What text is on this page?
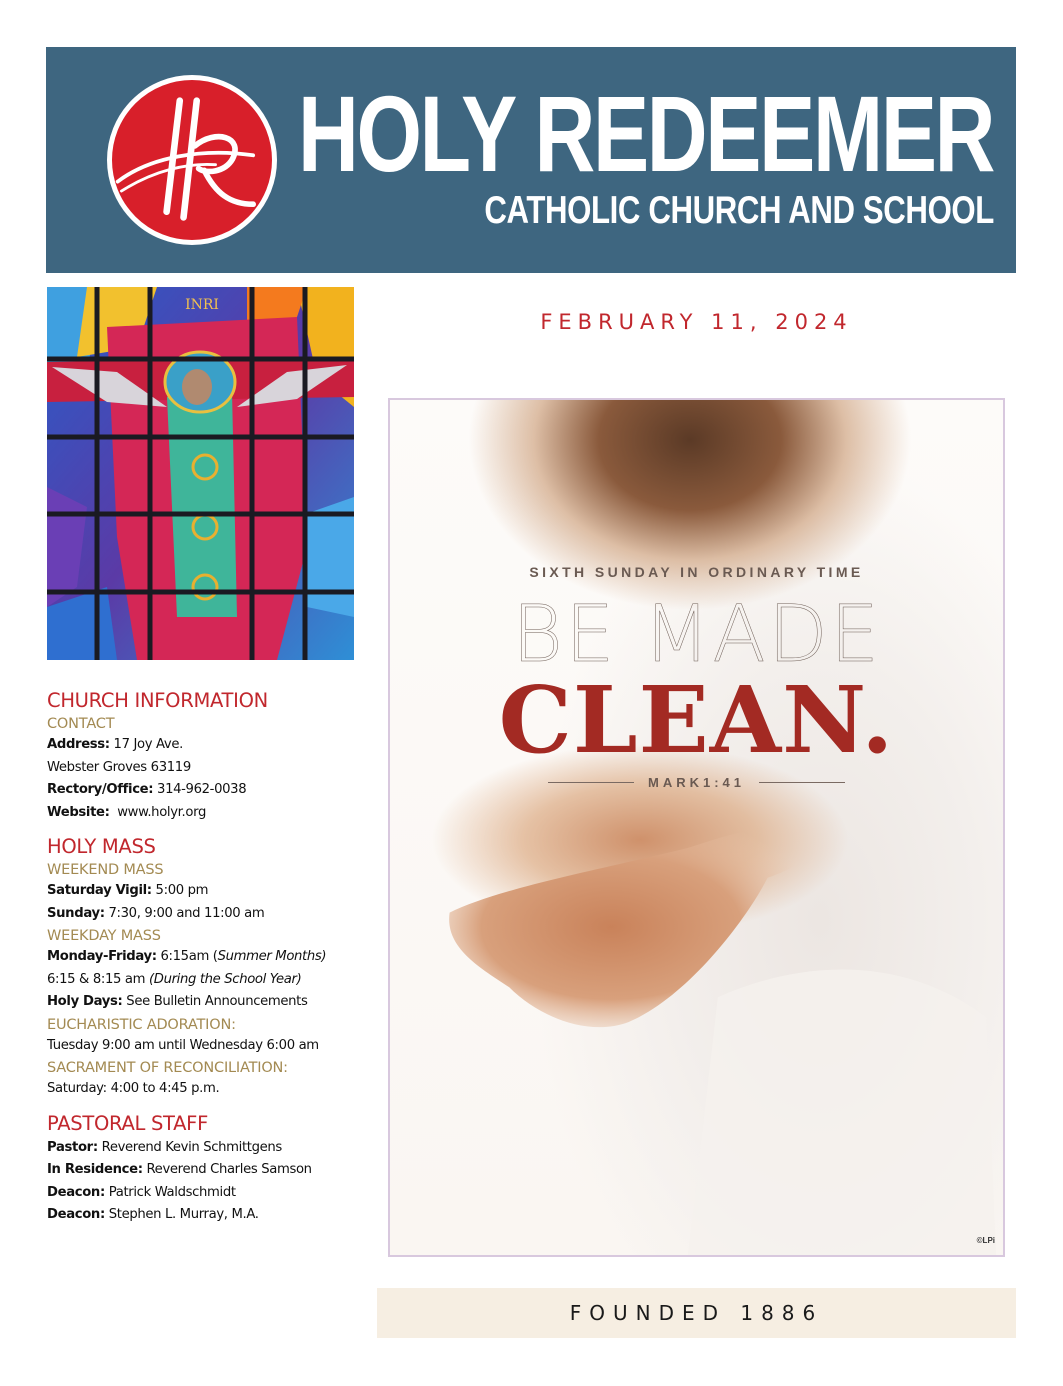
HOLY REDEEMER
CATHOLIC CHURCH AND SCHOOL
INRI
FEBRUARY 11, 2024
SIXTH SUNDAY IN ORDINARY TIME
BE MADE
CLEAN.
MARK1:41
©LPi
CHURCH INFORMATION
CONTACT
Address: 17 Joy Ave.
Webster Groves 63119
Rectory/Office: 314-962-0038
Website:  www.holyr.org
HOLY MASS
WEEKEND MASS
Saturday Vigil: 5:00 pm
Sunday: 7:30, 9:00 and 11:00 am
WEEKDAY MASS
Monday-Friday: 6:15am (Summer Months)
6:15 & 8:15 am (During the School Year)
Holy Days: See Bulletin Announcements
EUCHARISTIC ADORATION:
Tuesday 9:00 am until Wednesday 6:00 am
SACRAMENT OF RECONCILIATION:
Saturday: 4:00 to 4:45 p.m.
PASTORAL STAFF
Pastor: Reverend Kevin Schmittgens
In Residence: Reverend Charles Samson
Deacon: Patrick Waldschmidt
Deacon: Stephen L. Murray, M.A.
FOUNDED 1886
